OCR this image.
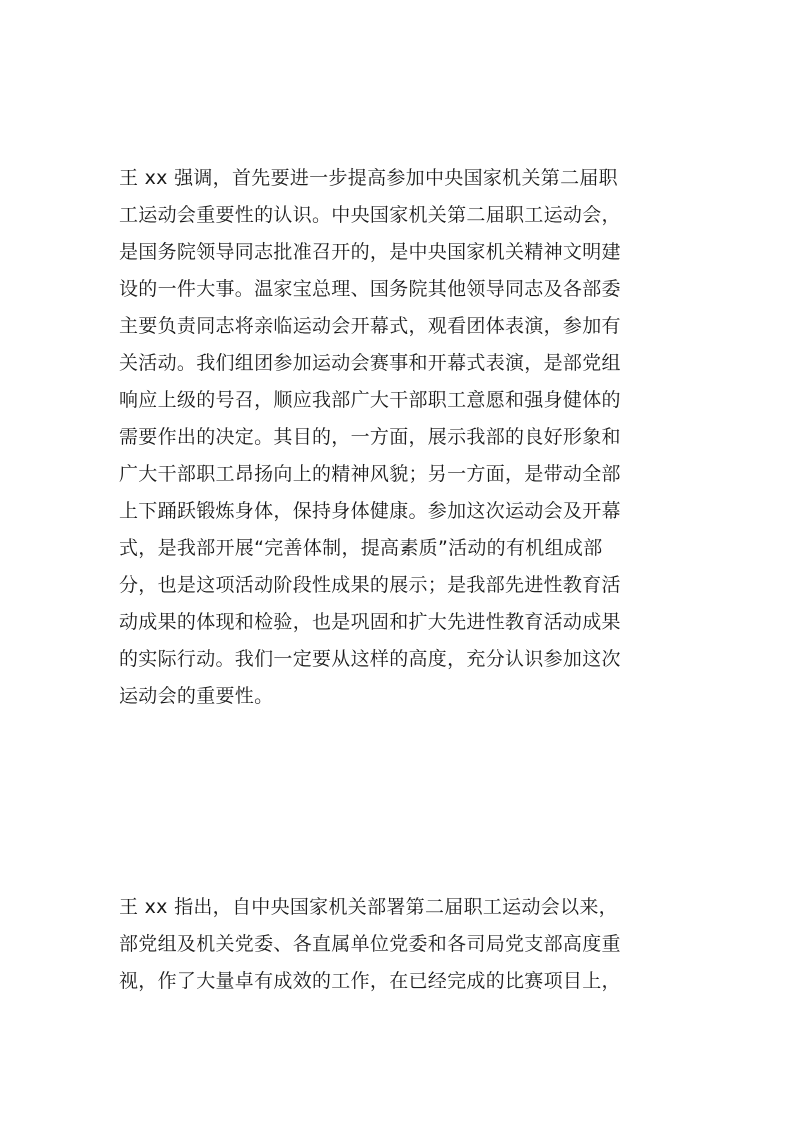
王 xx 强调，首先要进一步提高参加中央国家机关第二届职
工运动会重要性的认识。中央国家机关第二届职工运动会，
是国务院领导同志批准召开的，是中央国家机关精神文明建
设的一件大事。温家宝总理、国务院其他领导同志及各部委
主要负责同志将亲临运动会开幕式，观看团体表演，参加有
关活动。我们组团参加运动会赛事和开幕式表演，是部党组
响应上级的号召，顺应我部广大干部职工意愿和强身健体的
需要作出的决定。其目的，一方面，展示我部的良好形象和
广大干部职工昂扬向上的精神风貌；另一方面，是带动全部
上下踊跃锻炼身体，保持身体健康。参加这次运动会及开幕
式，是我部开展“完善体制，提高素质”活动的有机组成部
分，也是这项活动阶段性成果的展示；是我部先进性教育活
动成果的体现和检验，也是巩固和扩大先进性教育活动成果
的实际行动。我们一定要从这样的高度，充分认识参加这次
运动会的重要性。
王 xx 指出，自中央国家机关部署第二届职工运动会以来，
部党组及机关党委、各直属单位党委和各司局党支部高度重
视，作了大量卓有成效的工作，在已经完成的比赛项目上，
